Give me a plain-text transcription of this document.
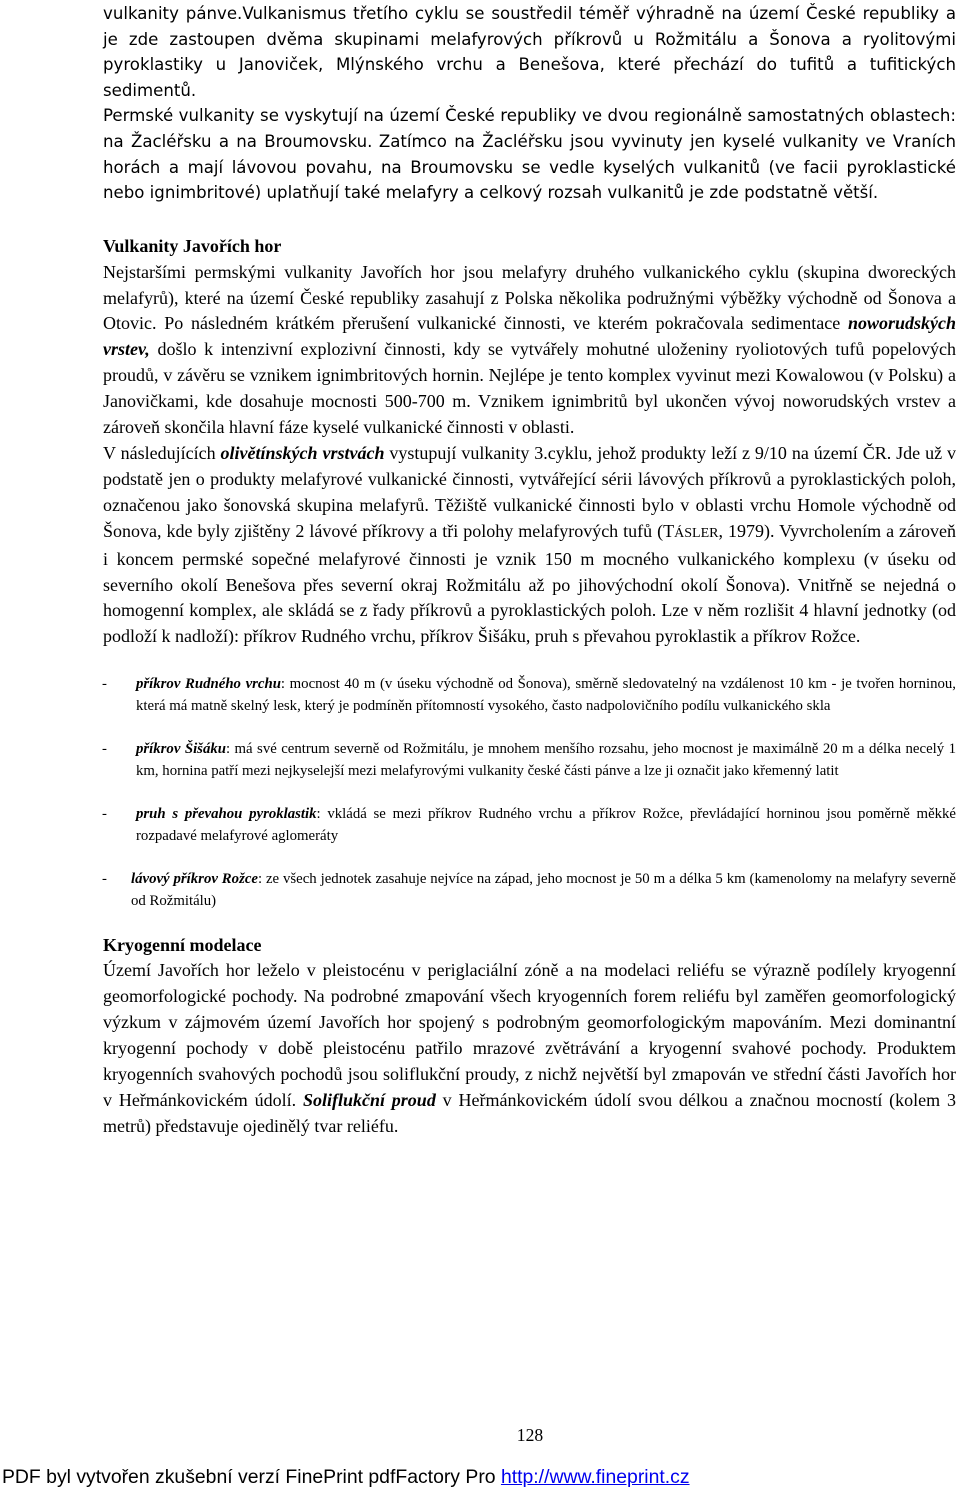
vulkanity pánve.Vulkanismus třetího cyklu se soustředil téměř výhradně na území České republiky a je zde zastoupen dvěma skupinami melafyrových příkrovů u Rožmitálu a Šonova a ryolitovými pyroklastiky u Janoviček, Mlýnského vrchu a Benešova, které přechází do tufitů a tufitických sedimentů.

Permské vulkanity se vyskytují na území České republiky ve dvou regionálně samostatných oblastech: na Žacléřsku a na Broumovsku. Zatímco na Žacléřsku jsou vyvinuty jen kyselé vulkanity ve Vraních horách a mají lávovou povahu, na Broumovsku se vedle kyselých vulkanitů (ve facii pyroklastické nebo ignimbritové) uplatňují také melafyry a celkový rozsah vulkanitů je zde podstatně větší.

Vulkanity Javořích hor

Nejstaršími permskými vulkanity Javořích hor jsou melafyry druhého vulkanického cyklu (skupina dworeckých melafyrů), které na území České republiky zasahují z Polska několika podružnými výběžky východně od Šonova a Otovic. Po následném krátkém přerušení vulkanické činnosti, ve kterém pokračovala sedimentace noworudských vrstev, došlo k intenzivní explozivní činnosti, kdy se vytvářely mohutné uloženiny ryoliotových tufů popelových proudů, v závěru se vznikem ignimbritových hornin. Nejlépe je tento komplex vyvinut mezi Kowalowou (v Polsku) a Janovičkami, kde dosahuje mocnosti 500-700 m. Vznikem ignimbritů byl ukončen vývoj noworudských vrstev a zároveň skončila hlavní fáze kyselé vulkanické činnosti v oblasti.

V následujících olivětínských vrstvách vystupují vulkanity 3.cyklu, jehož produkty leží z 9/10 na území ČR. Jde už v podstatě jen o produkty melafyrové vulkanické činnosti, vytvářející sérii lávových příkrovů a pyroklastických poloh, označenou jako šonovská skupina melafyrů. Těžiště vulkanické činnosti bylo v oblasti vrchu Homole východně od Šonova, kde byly zjištěny 2 lávové příkrovy a tři polohy melafyrových tufů (TÁSLER, 1979). Vyvrcholením a zároveň i koncem permské sopečné melafyrové činnosti je vznik 150 m mocného vulkanického komplexu (v úseku od severního okolí Benešova přes severní okraj Rožmitálu až po jihovýchodní okolí Šonova). Vnitřně se nejedná o homogenní komplex, ale skládá se z řady příkrovů a pyroklastických poloh. Lze v něm rozlišit 4 hlavní jednotky (od podloží k nadloží): příkrov Rudného vrchu, příkrov Šišáku, pruh s převahou pyroklastik a příkrov Rožce.

-	příkrov Rudného vrchu: mocnost 40 m (v úseku východně od Šonova), směrně sledovatelný na vzdálenost 10 km - je tvořen horninou, která má matně skelný lesk, který je podmíněn přítomností vysokého, často nadpolovičního podílu vulkanického skla
-	příkrov Šišáku: má své centrum severně od Rožmitálu, je mnohem menšího rozsahu, jeho mocnost je maximálně 20 m a délka necelý 1 km, hornina patří mezi nejkyselejší mezi melafyrovými vulkanity české části pánve a lze ji označit jako křemenný latit
-	pruh s převahou pyroklastik: vkládá se mezi příkrov Rudného vrchu a příkrov Rožce, převládající horninou jsou poměrně měkké rozpadavé melafyrové aglomeráty
-	lávový příkrov Rožce: ze všech jednotek zasahuje nejvíce na západ, jeho mocnost je 50 m a délka 5 km (kamenolomy na melafyry severně od Rožmitálu)
Kryogenní modelace

Území Javořích hor leželo v pleistocénu v periglaciální zóně a na modelaci reliéfu se výrazně podílely kryogenní geomorfologické pochody. Na podrobné zmapování všech kryogenních forem reliéfu byl zaměřen geomorfologický výzkum v zájmovém území Javořích hor spojený s podrobným geomorfologickým mapováním. Mezi dominantní kryogenní pochody v době pleistocénu patřilo mrazové zvětrávání a kryogenní svahové pochody. Produktem kryogenních svahových pochodů jsou soliflukční proudy, z nichž největší byl zmapován ve střední části Javořích hor v Heřmánkovickém údolí. Soliflukční proud v Heřmánkovickém údolí svou délkou a značnou mocností (kolem 3 metrů) představuje ojedinělý tvar reliéfu.

128
PDF byl vytvořen zkušební verzí FinePrint pdfFactory Pro http://www.fineprint.cz
